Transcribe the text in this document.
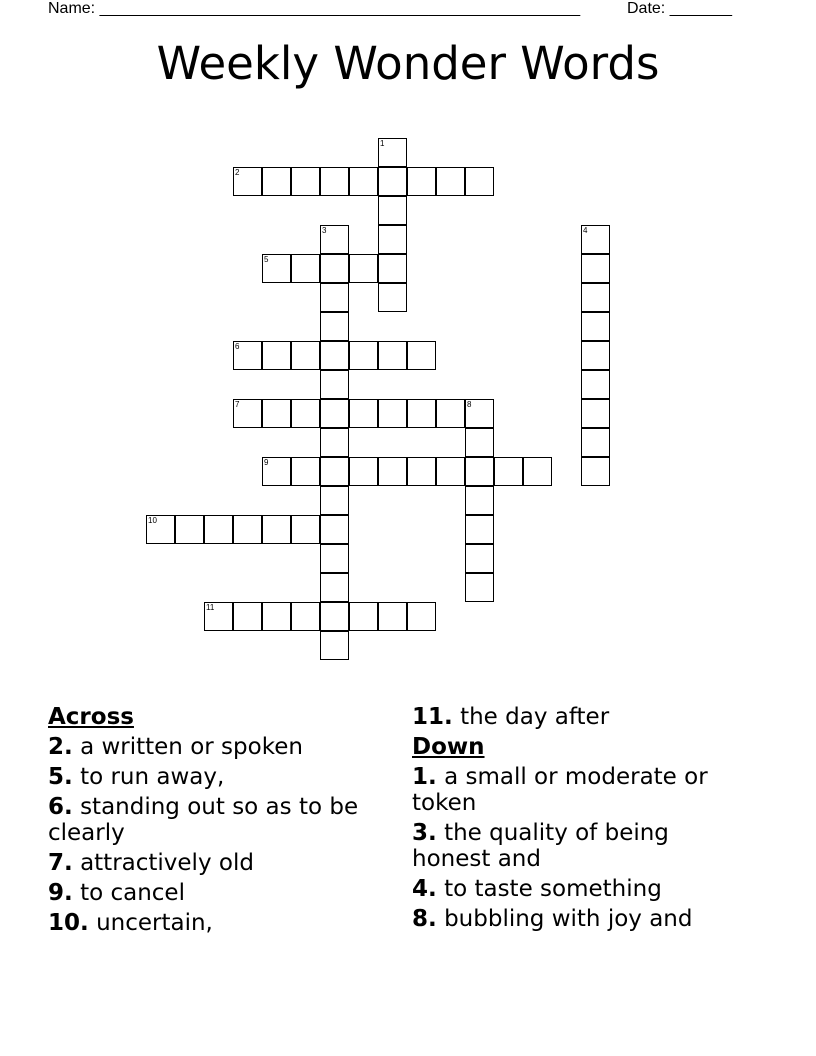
Name: ______________________________________________________	Date: _______
Weekly Wonder Words
1
2
3	4
5
6
7	8
9
10
11
Across
2. a written or spoken
5. to run away,
6. standing out so as to be clearly
7. attractively old
9. to cancel
10. uncertain,
11. the day after
Down
1. a small or moderate or token
3. the quality of being honest and
4. to taste something
8. bubbling with joy and
